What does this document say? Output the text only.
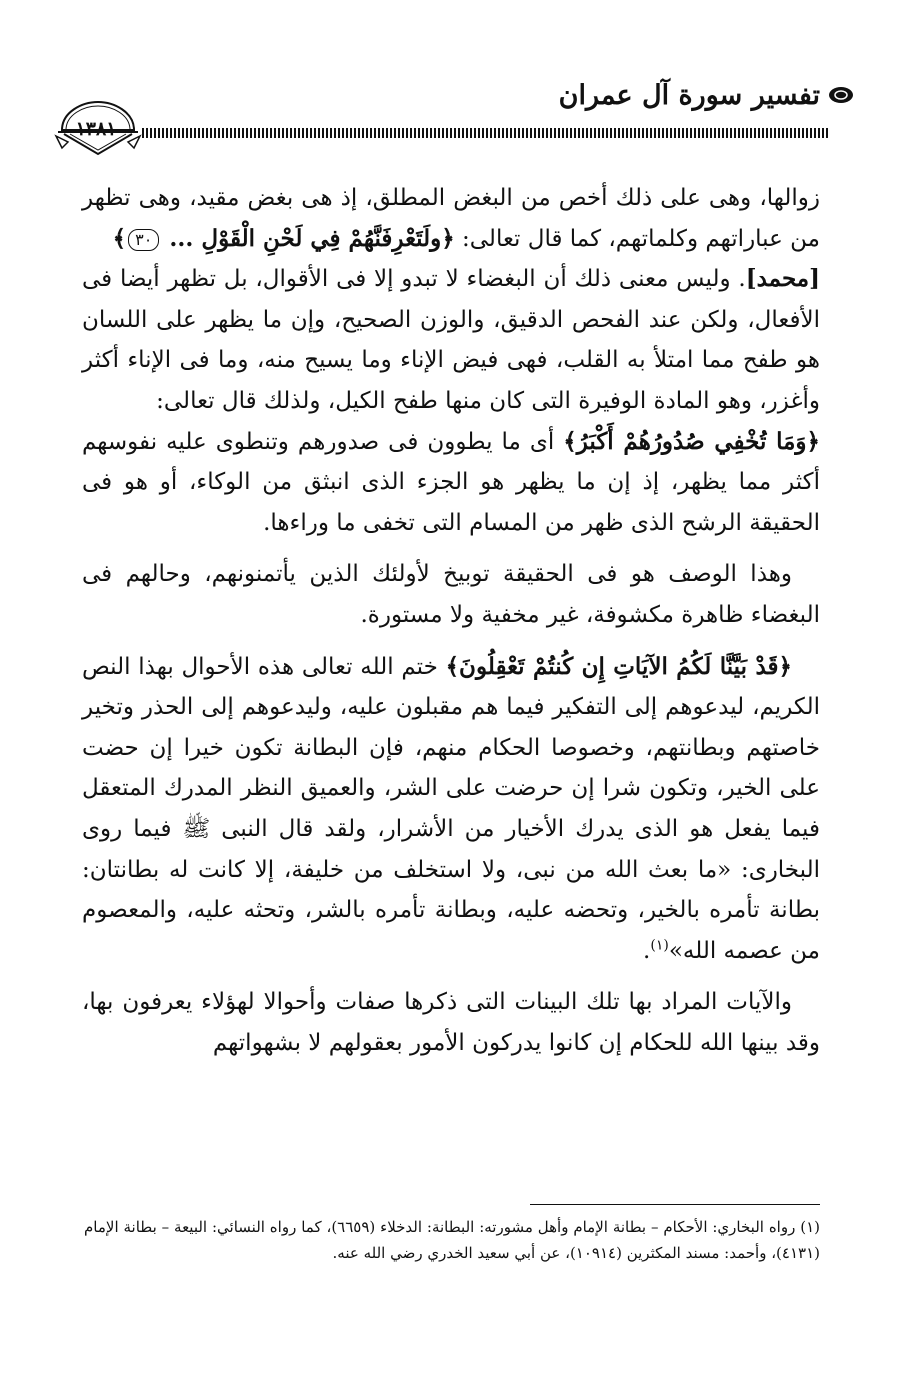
تفسير سورة آل عمران
١٣٨١

زوالها، وهى على ذلك أخص من البغض المطلق، إذ هى بغض مقيد، وهى تظهر من عباراتهم وكلماتهم، كما قال تعالى: ﴿ولَتَعْرِفَنَّهُمْ فِي لَحْنِ الْقَوْلِ ... ٣٠﴾
[محمد]. وليس معنى ذلك أن البغضاء لا تبدو إلا فى الأقوال، بل تظهر أيضا فى الأفعال، ولكن عند الفحص الدقيق، والوزن الصحيح، وإن ما يظهر على اللسان هو طفح مما امتلأ به القلب، فهى فيض الإناء وما يسيح منه، وما فى الإناء أكثر وأغزر، وهو المادة الوفيرة التى كان منها طفح الكيل، ولذلك قال تعالى:
﴿وَمَا تُخْفِي صُدُورُهُمْ أَكْبَرُ﴾ أى ما يطوون فى صدورهم وتنطوى عليه نفوسهم أكثر مما يظهر، إذ إن ما يظهر هو الجزء الذى انبثق من الوكاء، أو هو فى الحقيقة الرشح الذى ظهر من المسام التى تخفى ما وراءها.

وهذا الوصف هو فى الحقيقة توبيخ لأولئك الذين يأتمنونهم، وحالهم فى البغضاء ظاهرة مكشوفة، غير مخفية ولا مستورة.

﴿قَدْ بَيَّنَّا لَكُمُ الآيَاتِ إِن كُنتُمْ تَعْقِلُونَ﴾ ختم الله تعالى هذه الأحوال بهذا النص الكريم، ليدعوهم إلى التفكير فيما هم مقبلون عليه، وليدعوهم إلى الحذر وتخير خاصتهم وبطانتهم، وخصوصا الحكام منهم، فإن البطانة تكون خيرا إن حضت على الخير، وتكون شرا إن حرضت على الشر، والعميق النظر المدرك المتعقل فيما يفعل هو الذى يدرك الأخيار من الأشرار، ولقد قال النبى ﷺ فيما روى البخارى: «ما بعث الله من نبى، ولا استخلف من خليفة، إلا كانت له بطانتان: بطانة تأمره بالخير، وتحضه عليه، وبطانة تأمره بالشر، وتحثه عليه، والمعصوم من عصمه الله»$^{(١)}$.

والآيات المراد بها تلك البينات التى ذكرها صفات وأحوالا لهؤلاء يعرفون بها، وقد بينها الله للحكام إن كانوا يدركون الأمور بعقولهم لا بشهواتهم

(١) رواه البخاري: الأحكام – بطانة الإمام وأهل مشورته: البطانة: الدخلاء (٦٦٥٩)، كما رواه النسائي: البيعة – بطانة الإمام (٤١٣١)، وأحمد: مسند المكثرين (١٠٩١٤)، عن أبي سعيد الخدري رضي الله عنه.
